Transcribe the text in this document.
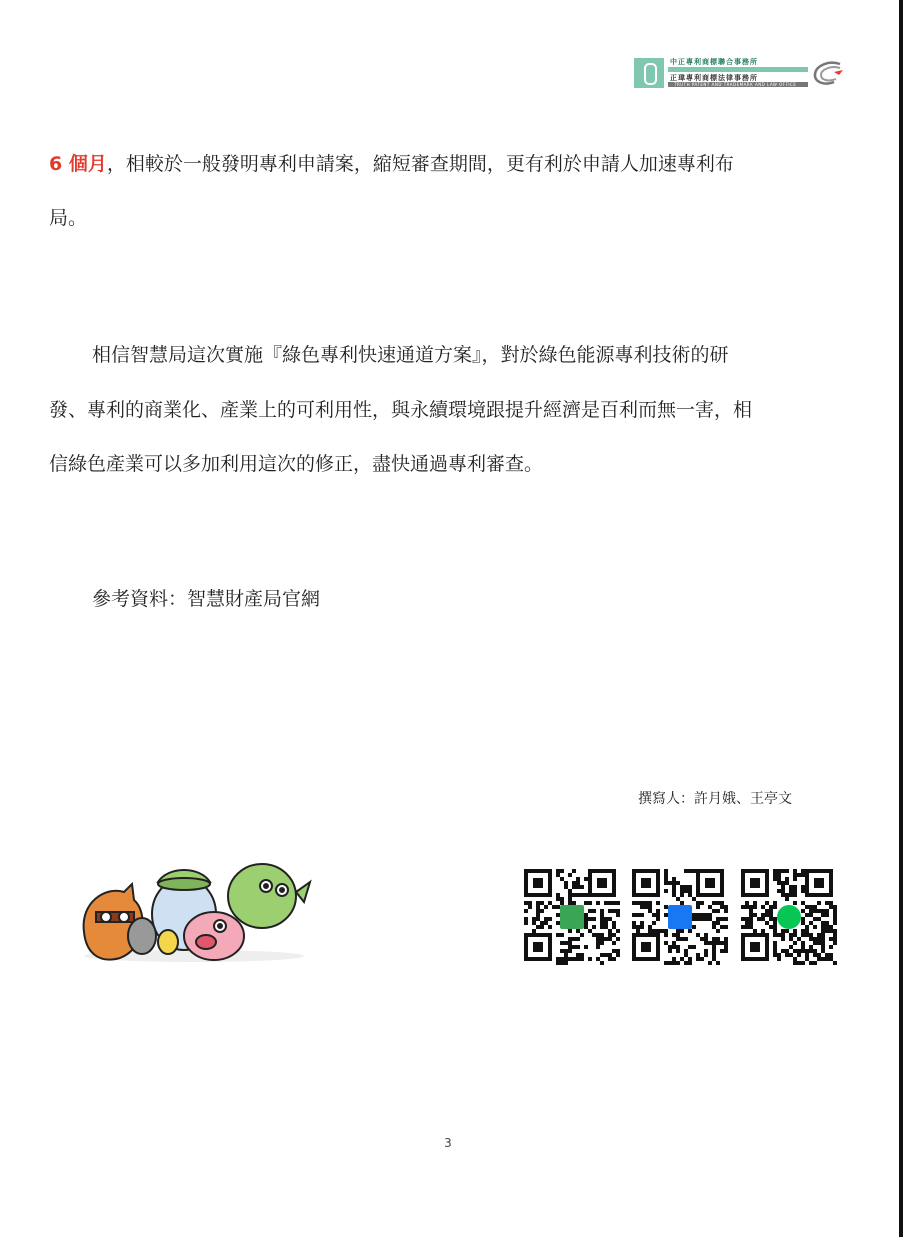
中正專利商標聯合事務所
正瑋專利商標法律事務所
TRUTH PATENT AND TRADEMARK AND LAW OFFICE

6 個月，相較於一般發明專利申請案，縮短審查期間，更有利於申請人加速專利布

局。

相信智慧局這次實施『綠色專利快速通道方案』，對於綠色能源專利技術的研

發、專利的商業化、產業上的可利用性，與永續環境跟提升經濟是百利而無一害，相

信綠色產業可以多加利用這次的修正，盡快通過專利審查。

參考資料：智慧財產局官網

撰寫人：許月娥、王亭文
3
